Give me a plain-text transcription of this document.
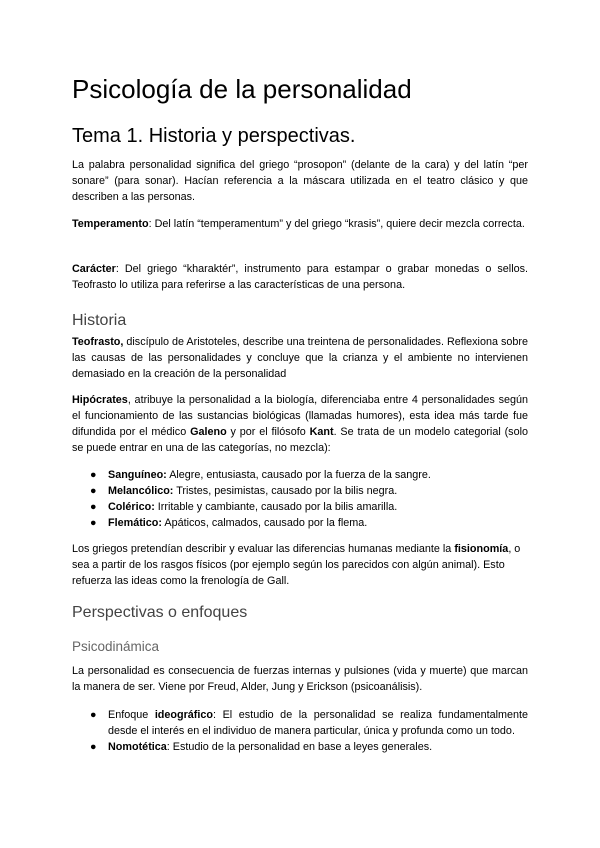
Psicología de la personalidad
Tema 1. Historia y perspectivas.

La palabra personalidad significa del griego “prosopon” (delante de la cara) y del latín “per sonare” (para sonar). Hacían referencia a la máscara utilizada en el teatro clásico y que describen a las personas.

Temperamento: Del latín “temperamentum” y del griego “krasis”, quiere decir mezcla correcta.

Carácter: Del griego “kharaktér”, instrumento para estampar o grabar monedas o sellos. Teofrasto lo utiliza para referirse a las características de una persona.

Historia

Teofrasto, discípulo de Aristoteles, describe una treintena de personalidades. Reflexiona sobre las causas de las personalidades y concluye que la crianza y el ambiente no intervienen demasiado en la creación de la personalidad

Hipócrates, atribuye la personalidad a la biología, diferenciaba entre 4 personalidades según el funcionamiento de las sustancias biológicas (llamadas humores), esta idea más tarde fue difundida por el médico Galeno y por el filósofo Kant. Se trata de un modelo categorial (solo se puede entrar en una de las categorías, no mezcla):

● Sanguíneo: Alegre, entusiasta, causado por la fuerza de la sangre.
● Melancólico: Tristes, pesimistas, causado por la bilis negra.
● Colérico: Irritable y cambiante, causado por la bilis amarilla.
● Flemático: Apáticos, calmados, causado por la flema.

Los griegos pretendían describir y evaluar las diferencias humanas mediante la fisionomía, o sea a partir de los rasgos físicos (por ejemplo según los parecidos con algún animal). Esto refuerza las ideas como la frenología de Gall.

Perspectivas o enfoques
Psicodinámica

La personalidad es consecuencia de fuerzas internas y pulsiones (vida y muerte) que marcan la manera de ser. Viene por Freud, Alder, Jung y Erickson (psicoanálisis).

● Enfoque ideográfico: El estudio de la personalidad se realiza fundamentalmente desde el interés en el individuo de manera particular, única y profunda como un todo.
● Nomotética: Estudio de la personalidad en base a leyes generales.
